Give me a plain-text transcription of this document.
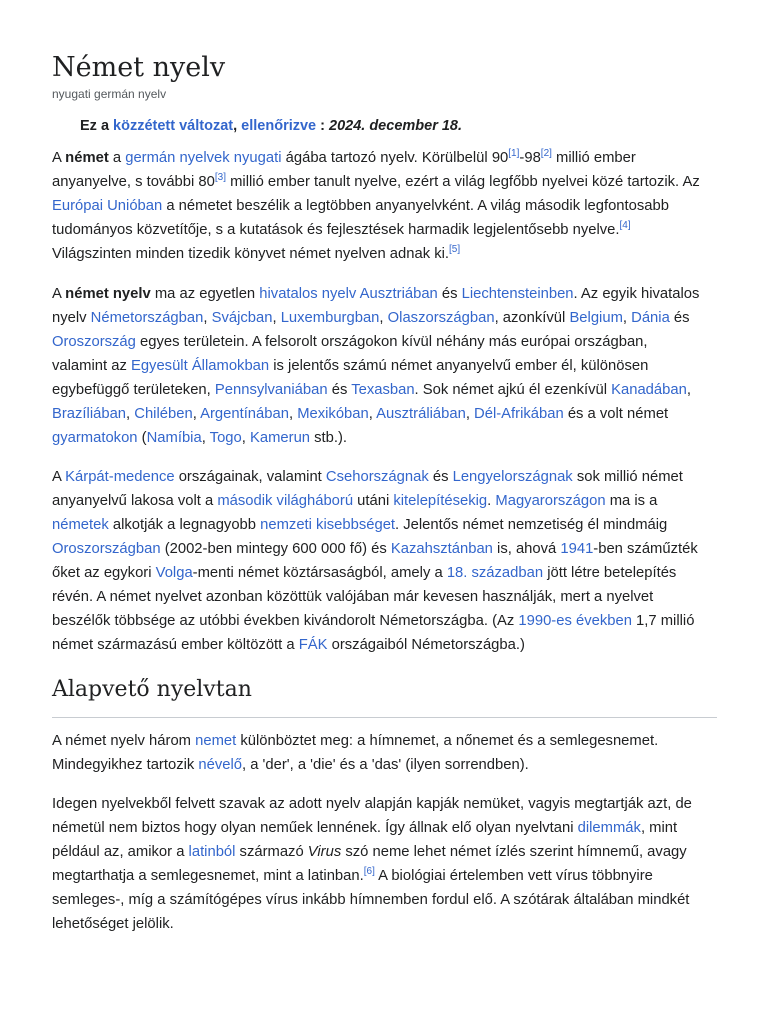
Német nyelv
nyugati germán nyelv
Ez a közzétett változat, ellenőrizve : 2024. december 18.
A német a germán nyelvek nyugati ágába tartozó nyelv. Körülbelül 90[1]-98[2] millió ember
anyanyelve, s további 80[3] millió ember tanult nyelve, ezért a világ legfőbb nyelvei közé tartozik. Az
Európai Unióban a németet beszélik a legtöbben anyanyelvként. A világ második legfontosabb
tudományos közvetítője, s a kutatások és fejlesztések harmadik legjelentősebb nyelve.[4]
Világszinten minden tizedik könyvet német nyelven adnak ki.[5]
A német nyelv ma az egyetlen hivatalos nyelv Ausztriában és Liechtensteinben. Az egyik hivatalos
nyelv Németországban, Svájcban, Luxemburgban, Olaszországban, azonkívül Belgium, Dánia és
Oroszország egyes területein. A felsorolt országokon kívül néhány más európai országban,
valamint az Egyesült Államokban is jelentős számú német anyanyelvű ember él, különösen
egybefüggő területeken, Pennsylvaniában és Texasban. Sok német ajkú él ezenkívül Kanadában,
Brazíliában, Chilében, Argentínában, Mexikóban, Ausztráliában, Dél-Afrikában és a volt német
gyarmatokon (Namíbia, Togo, Kamerun stb.).
A Kárpát-medence országainak, valamint Csehországnak és Lengyelországnak sok millió német
anyanyelvű lakosa volt a második világháború utáni kitelepítésekig. Magyarországon ma is a
németek alkotják a legnagyobb nemzeti kisebbséget. Jelentős német nemzetiség él mindmáig
Oroszországban (2002-ben mintegy 600 000 fő) és Kazahsztánban is, ahová 1941-ben száműzték
őket az egykori Volga-menti német köztársaságból, amely a 18. században jött létre betelepítés
révén. A német nyelvet azonban közöttük valójában már kevesen használják, mert a nyelvet
beszélők többsége az utóbbi években kivándorolt Németországba. (Az 1990-es években 1,7 millió
német származású ember költözött a FÁK országaiból Németországba.)
Alapvető nyelvtan
A német nyelv három nemet különböztet meg: a hímnemet, a nőnemet és a semlegesnemet.
Mindegyikhez tartozik névelő, a 'der', a 'die' és a 'das' (ilyen sorrendben).
Idegen nyelvekből felvett szavak az adott nyelv alapján kapják nemüket, vagyis megtartják azt, de
németül nem biztos hogy olyan neműek lennének. Így állnak elő olyan nyelvtani dilemmák, mint
például az, amikor a latinból származó Virus szó neme lehet német ízlés szerint hímnemű, avagy
megtarthatja a semlegesnemet, mint a latinban.[6] A biológiai értelemben vett vírus többnyire
semleges-, míg a számítógépes vírus inkább hímnemben fordul elő. A szótárak általában mindkét
lehetőséget jelölik.
